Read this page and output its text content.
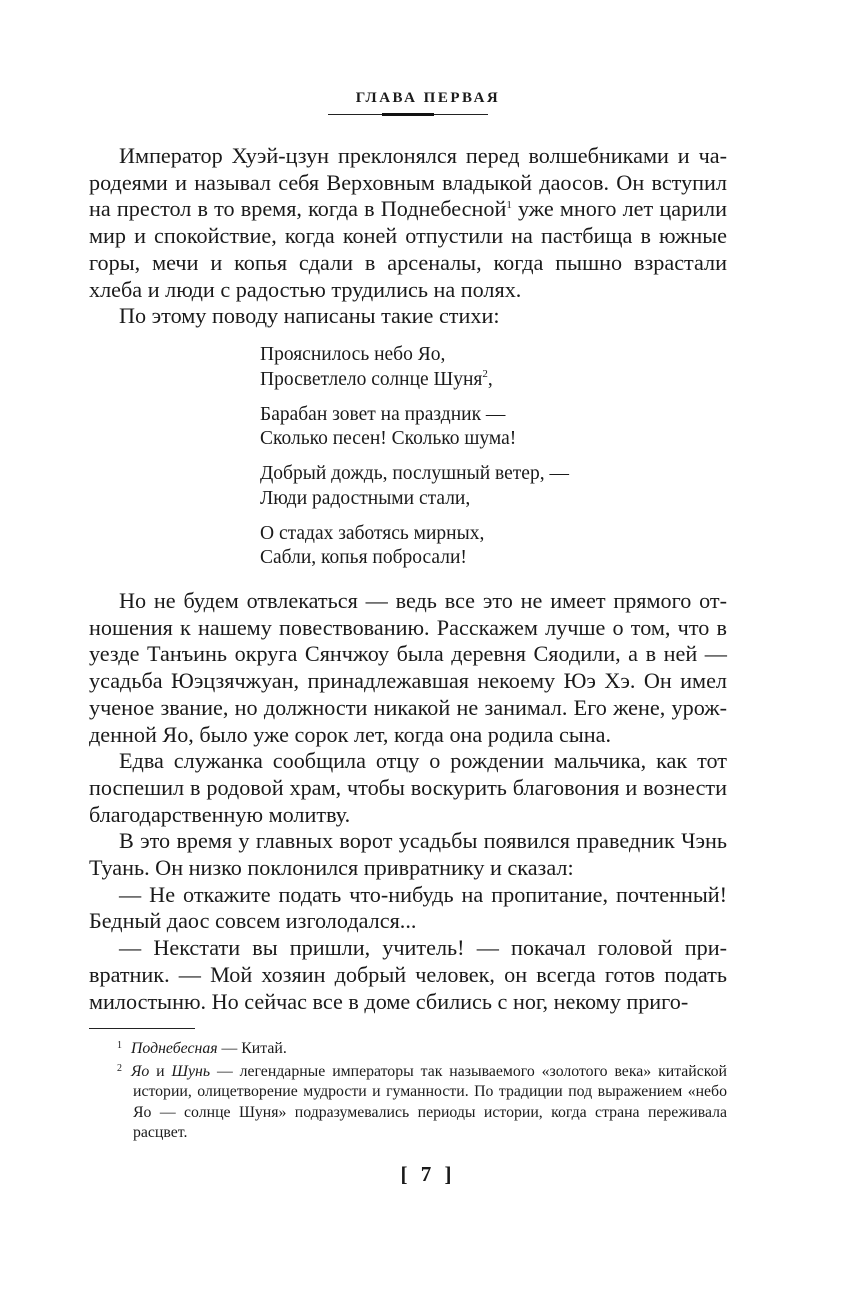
ГЛАВА ПЕРВАЯ

Император Хуэй-цзун преклонялся перед волшебниками и чародеями и называл себя Верховным владыкой даосов. Он вступил на престол в то время, когда в Поднебесной$^1$ уже много лет царили мир и спокойствие, когда коней отпустили на пастбища в южные горы, мечи и копья сдали в арсеналы, когда пышно взрастали хлеба и люди с радостью трудились на полях.

По этому поводу написаны такие стихи:

Прояснилось небо Яо,
Просветлело солнце Шуня$^2$,
Барабан зовет на праздник —
Сколько песен! Сколько шума!
Добрый дождь, послушный ветер, —
Люди радостными стали,
О стадах заботясь мирных,
Сабли, копья побросали!

Но не будем отвлекаться — ведь все это не имеет прямого отношения к нашему повествованию. Расскажем лучше о том, что в уезде Танъинь округа Сянчжоу была деревня Сяодили, а в ней — усадьба Юэцзячжуан, принадлежавшая некоему Юэ Хэ. Он имел ученое звание, но должности никакой не занимал. Его жене, урожденной Яо, было уже сорок лет, когда она родила сына.

Едва служанка сообщила отцу о рождении мальчика, как тот поспешил в родовой храм, чтобы воскурить благовония и вознести благодарственную молитву.

В это время у главных ворот усадьбы появился праведник Чэнь Туань. Он низко поклонился привратнику и сказал:

— Не откажите подать что-нибудь на пропитание, почтенный! Бедный даос совсем изголодался...

— Некстати вы пришли, учитель! — покачал головой привратник. — Мой хозяин добрый человек, он всегда готов подать милостыню. Но сейчас все в доме сбились с ног, некому приго-

1 Поднебесная — Китай.

2 Яо и Шунь — легендарные императоры так называемого «золотого века» китайской истории, олицетворение мудрости и гуманности. По традиции под выражением «небо Яо — солнце Шуня» подразумевались периоды истории, когда страна переживала расцвет.

[ 7 ]
